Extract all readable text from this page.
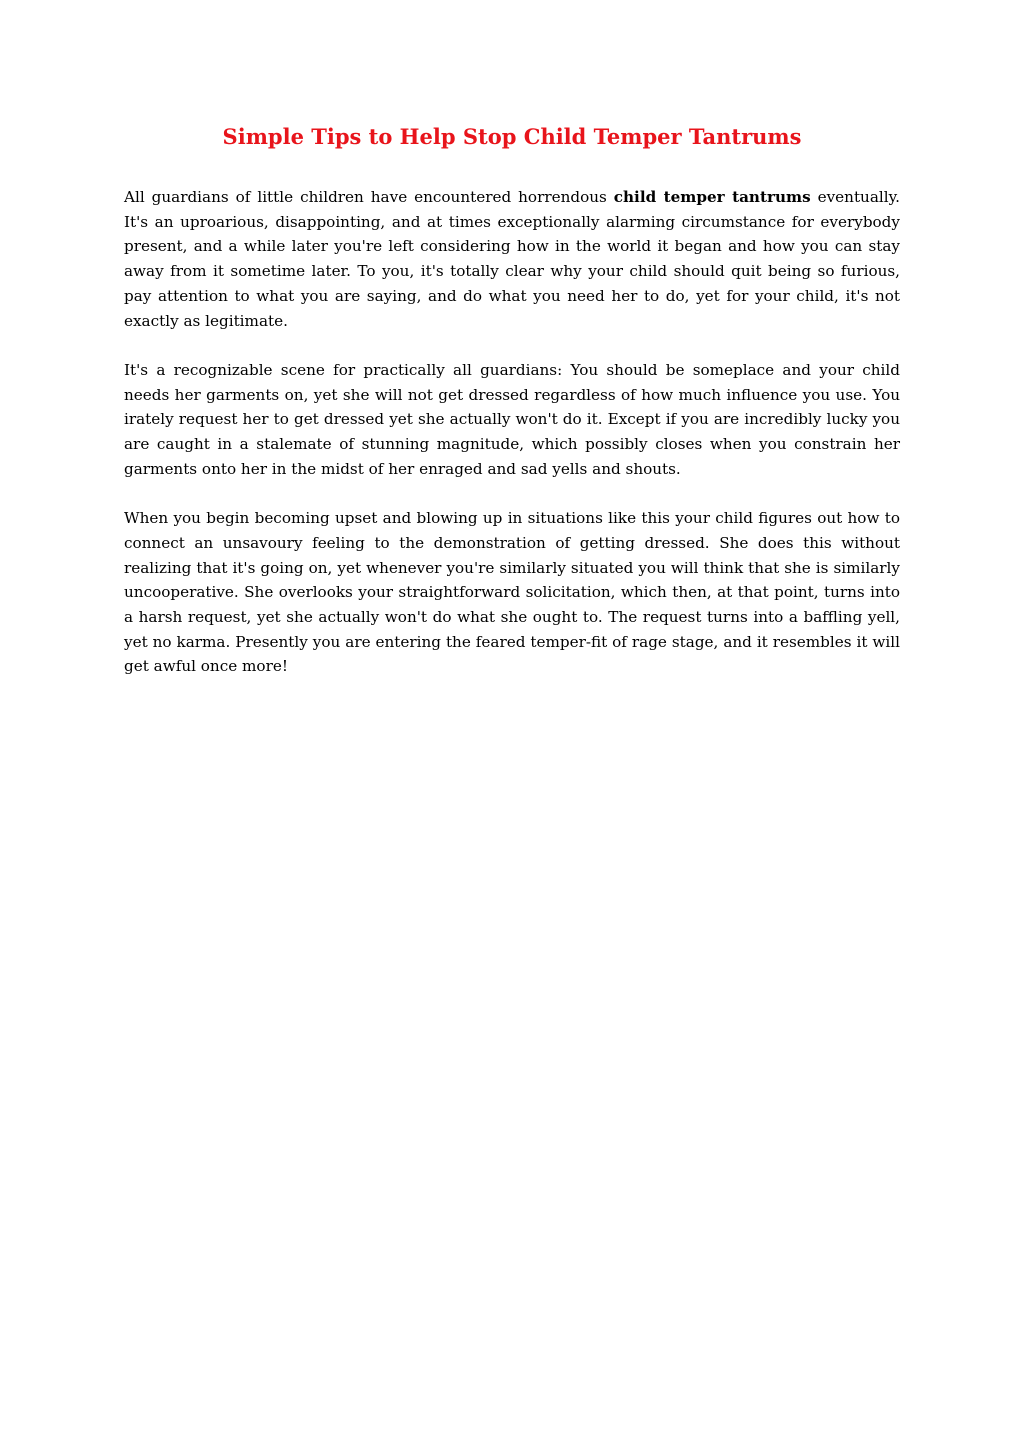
Simple Tips to Help Stop Child Temper Tantrums

All guardians of little children have encountered horrendous child temper tantrums eventually. It's an uproarious, disappointing, and at times exceptionally alarming circumstance for everybody present, and a while later you're left considering how in the world it began and how you can stay away from it sometime later. To you, it's totally clear why your child should quit being so furious, pay attention to what you are saying, and do what you need her to do, yet for your child, it's not exactly as legitimate.

It's a recognizable scene for practically all guardians: You should be someplace and your child needs her garments on, yet she will not get dressed regardless of how much influence you use. You irately request her to get dressed yet she actually won't do it. Except if you are incredibly lucky you are caught in a stalemate of stunning magnitude, which possibly closes when you constrain her garments onto her in the midst of her enraged and sad yells and shouts.

When you begin becoming upset and blowing up in situations like this your child figures out how to connect an unsavoury feeling to the demonstration of getting dressed. She does this without realizing that it's going on, yet whenever you're similarly situated you will think that she is similarly uncooperative. She overlooks your straightforward solicitation, which then, at that point, turns into a harsh request, yet she actually won't do what she ought to. The request turns into a baffling yell, yet no karma. Presently you are entering the feared temper-fit of rage stage, and it resembles it will get awful once more!
